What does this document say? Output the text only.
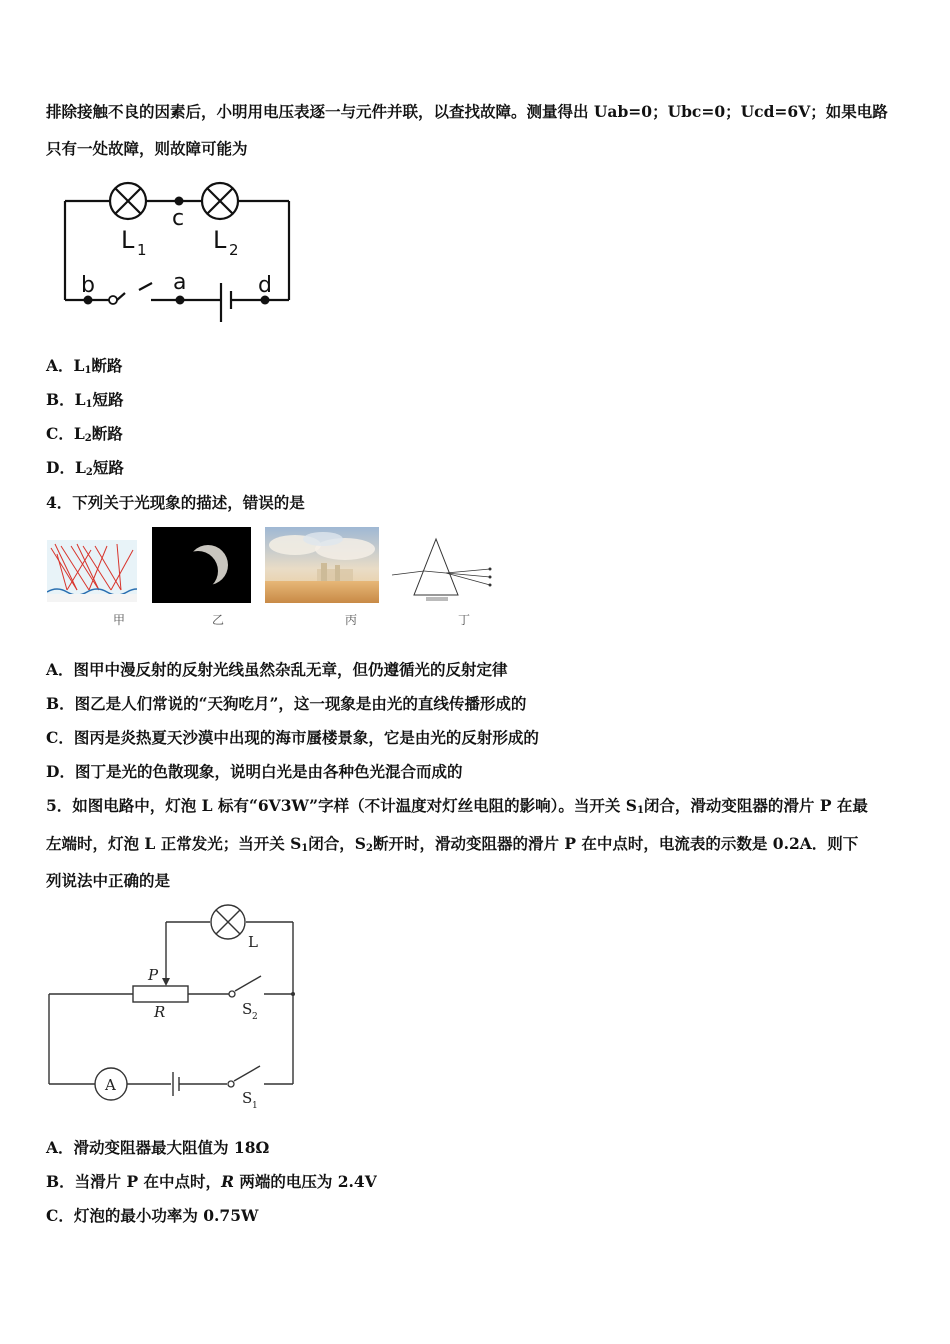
排除接触不良的因素后，小明用电压表逐一与元件并联，以查找故障。测量得出 Uab=0；Ubc=0；Ucd=6V；如果电路
只有一处故障，则故障可能为
c
L 1	L 2
b	a	d
A．$L_1$断路
B．$L_1$短路
C．$L_2$断路
D．$L_2$短路
4．下列关于光现象的描述，错误的是
甲	乙	丙	丁
A．图甲中漫反射的反射光线虽然杂乱无章，但仍遵循光的反射定律
B．图乙是人们常说的“天狗吃月”，这一现象是由光的直线传播形成的
C．图丙是炎热夏天沙漠中出现的海市蜃楼景象，它是由光的反射形成的
D．图丁是光的色散现象，说明白光是由各种色光混合而成的
5．如图电路中，灯泡 L 标有“6V3W”字样（不计温度对灯丝电阻的影响）。当开关 $S_1$闭合，滑动变阻器的滑片 P 在最
左端时，灯泡 L 正常发光；当开关 $S_1$闭合，$S_2$断开时，滑动变阻器的滑片 P 在中点时，电流表的示数是 0.2A．则下
列说法中正确的是
L
P
R	S 2
S 1
A
A．滑动变阻器最大阻值为 18Ω
B．当滑片 P 在中点时，R 两端的电压为 2.4V
C．灯泡的最小功率为 0.75W
